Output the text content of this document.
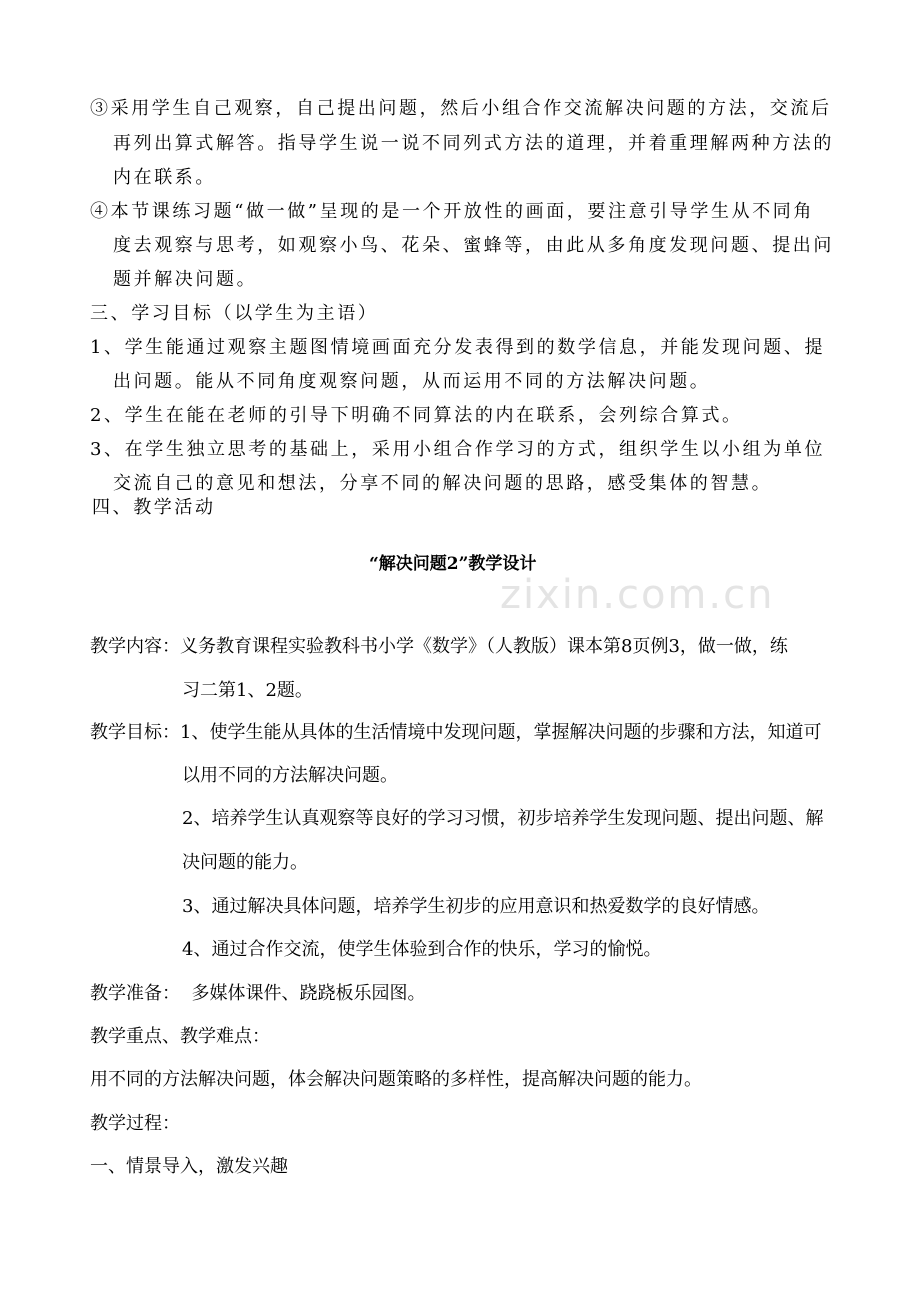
③采用学生自己观察，自己提出问题，然后小组合作交流解决问题的方法，交流后
再列出算式解答。指导学生说一说不同列式方法的道理，并着重理解两种方法的
内在联系。
④本节课练习题“做一做”呈现的是一个开放性的画面，要注意引导学生从不同角
度去观察与思考，如观察小鸟、花朵、蜜蜂等，由此从多角度发现问题、提出问
题并解决问题。
三、学习目标（以学生为主语）
1、学生能通过观察主题图情境画面充分发表得到的数学信息，并能发现问题、提
出问题。能从不同角度观察问题，从而运用不同的方法解决问题。
2、学生在能在老师的引导下明确不同算法的内在联系，会列综合算式。
3、在学生独立思考的基础上，采用小组合作学习的方式，组织学生以小组为单位
交流自己的意见和想法，分享不同的解决问题的思路，感受集体的智慧。
四、教学活动
“解决问题2”教学设计
zixin.com.cn
教学内容：义务教育课程实验教科书小学《数学》（人教版）课本第8页例3，做一做，练
习二第1、2题。
教学目标：1、使学生能从具体的生活情境中发现问题，掌握解决问题的步骤和方法，知道可
以用不同的方法解决问题。
2、培养学生认真观察等良好的学习习惯，初步培养学生发现问题、提出问题、解
决问题的能力。
3、通过解决具体问题，培养学生初步的应用意识和热爱数学的良好情感。
4、通过合作交流，使学生体验到合作的快乐，学习的愉悦。
教学准备：  多媒体课件、跷跷板乐园图。
教学重点、教学难点：
用不同的方法解决问题，体会解决问题策略的多样性，提高解决问题的能力。
教学过程：
一、情景导入，激发兴趣
